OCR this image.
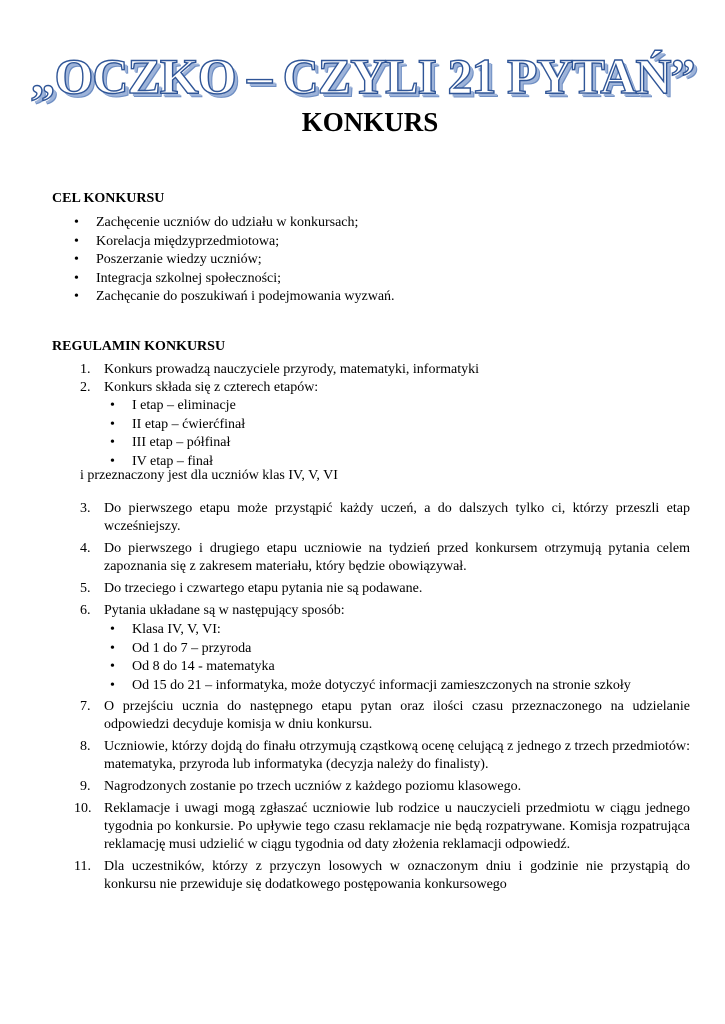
„OCZKO – CZYLI 21 PYTAŃ”
KONKURS
CEL KONKURSU
• Zachęcenie uczniów do udziału w konkursach;
• Korelacja międzyprzedmiotowa;
• Poszerzanie wiedzy uczniów;
• Integracja szkolnej społeczności;
• Zachęcanie do poszukiwań i podejmowania wyzwań.
REGULAMIN KONKURSU
1. Konkurs prowadzą nauczyciele przyrody, matematyki, informatyki
2. Konkurs składa się z czterech etapów:
• I etap – eliminacje
• II etap – ćwierćfinał
• III etap – półfinał
• IV etap – finał
i przeznaczony jest dla uczniów klas IV, V, VI
3. Do pierwszego etapu może przystąpić każdy uczeń, a do dalszych tylko ci, którzy przeszli etap wcześniejszy.
4. Do pierwszego i drugiego etapu uczniowie na tydzień przed konkursem otrzymują pytania celem zapoznania się z zakresem materiału, który będzie obowiązywał.
5. Do trzeciego i czwartego etapu pytania nie są podawane.
6. Pytania układane są w następujący sposób:
• Klasa IV, V, VI:
• Od 1 do 7 – przyroda
• Od 8 do 14 - matematyka
• Od 15 do 21 – informatyka, może dotyczyć informacji zamieszczonych na stronie szkoły
7. O przejściu ucznia do następnego etapu pytan oraz ilości czasu przeznaczonego na udzielanie odpowiedzi decyduje komisja w dniu konkursu.
8. Uczniowie, którzy dojdą do finału otrzymują cząstkową ocenę celującą z jednego z trzech przedmiotów: matematyka, przyroda lub informatyka (decyzja należy do finalisty).
9. Nagrodzonych zostanie po trzech uczniów z każdego poziomu klasowego.
10. Reklamacje i uwagi mogą zgłaszać uczniowie lub rodzice u nauczycieli przedmiotu w ciągu jednego tygodnia po konkursie. Po upływie tego czasu reklamacje nie będą rozpatrywane. Komisja rozpatrująca reklamację musi udzielić w ciągu tygodnia od daty złożenia reklamacji odpowiedź.
11. Dla uczestników, którzy z przyczyn losowych w oznaczonym dniu i godzinie nie przystąpią do konkursu nie przewiduje się dodatkowego postępowania konkursowego
